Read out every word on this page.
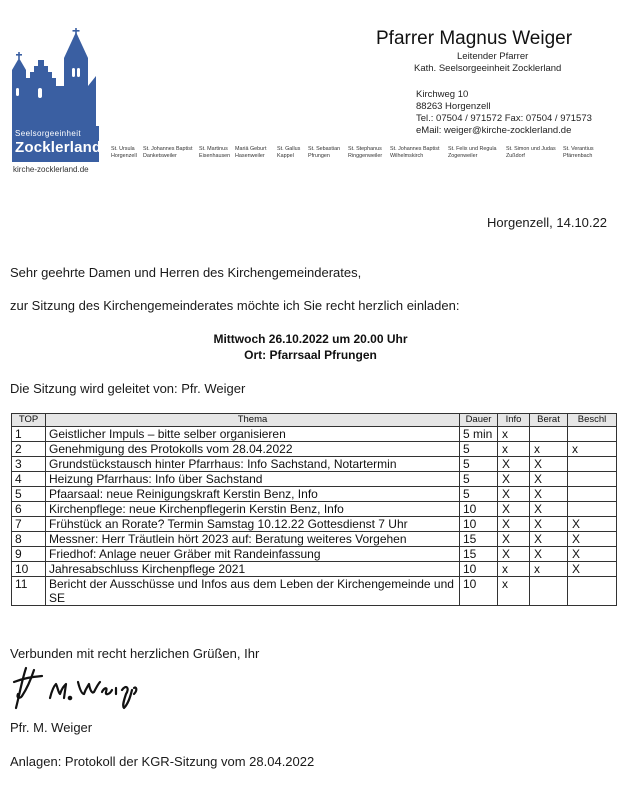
Seelsorgeeinheit
Zocklerland
kirche-zocklerland.de
St. Ursula
Horgenzell
St. Johannes Baptist
Danketsweiler
St. Martinus
Eisenhausen
Mariä Geburt
Hasenweiler
St. Gallus
Kappel
St. Sebastian
Pfrungen
St. Stephanus
Ringgenweiler
St. Johannes Baptist
Wilhelmskirch
St. Felix und Regula
Zogenweiler
St. Simon und Judas
Zußdorf
St. Verantius
Pfärrenbach
Pfarrer Magnus Weiger
Leitender Pfarrer
Kath. Seelsorgeeinheit Zocklerland
Kirchweg 10
88263 Horgenzell
Tel.: 07504 / 971572 Fax: 07504 / 971573
eMail: weiger@kirche-zocklerland.de
Horgenzell, 14.10.22
Sehr geehrte Damen und Herren des Kirchengemeinderates,
zur Sitzung des Kirchengemeinderates möchte ich Sie recht herzlich einladen:
Mittwoch 26.10.2022 um 20.00 Uhr
Ort: Pfarrsaal Pfrungen
Die Sitzung wird geleitet von: Pfr. Weiger
TOP	Thema	Dauer	Info	Berat	Beschl
1	Geistlicher Impuls – bitte selber organisieren	5 min	x		
2	Genehmigung des Protokolls vom 28.04.2022	5	x	x	x
3	Grundstückstausch hinter Pfarrhaus: Info Sachstand, Notartermin	5	X	X	
4	Heizung Pfarrhaus: Info über Sachstand	5	X	X	
5	Pfaarsaal: neue Reinigungskraft Kerstin Benz, Info	5	X	X	
6	Kirchenpflege: neue Kirchenpflegerin Kerstin Benz, Info	10	X	X	
7	Frühstück an Rorate? Termin Samstag 10.12.22 Gottesdienst 7 Uhr	10	X	X	X
8	Messner: Herr Träutlein hört 2023 auf: Beratung weiteres Vorgehen	15	X	X	X
9	Friedhof: Anlage neuer Gräber mit Randeinfassung	15	X	X	X
10	Jahresabschluss Kirchenpflege 2021	10	x	x	X
11	Bericht der Ausschüsse und Infos aus dem Leben der Kirchengemeinde und SE	10	x		
Verbunden mit recht herzlichen Grüßen, Ihr
Pfr. M. Weiger
Anlagen: Protokoll der KGR-Sitzung vom 28.04.2022
